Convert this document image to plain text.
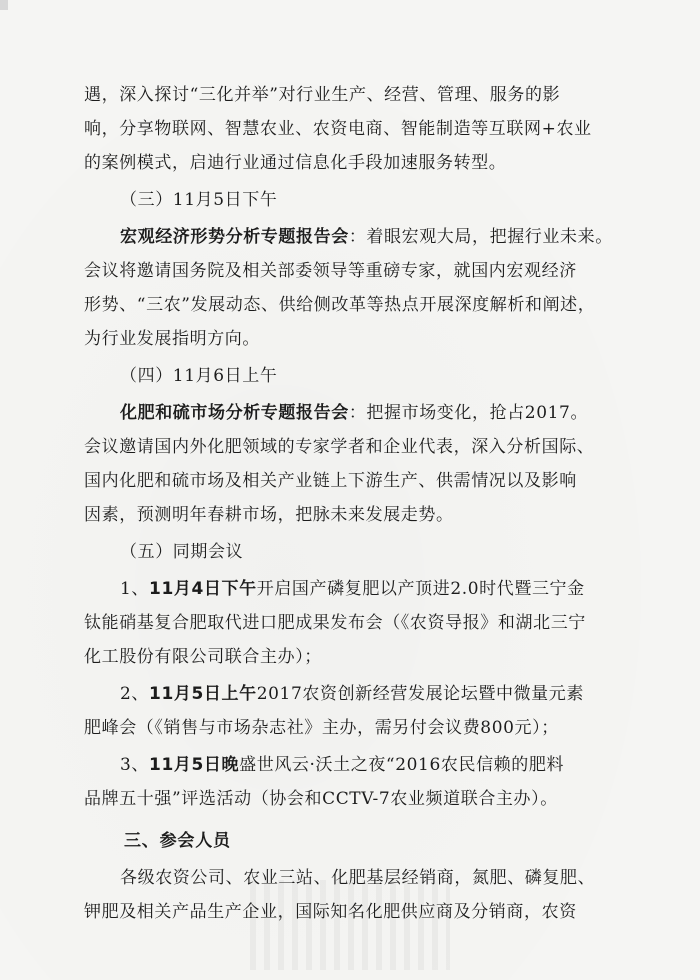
遇，深入探讨“三化并举”对行业生产、经营、管理、服务的影
响，分享物联网、智慧农业、农资电商、智能制造等互联网+农业
的案例模式，启迪行业通过信息化手段加速服务转型。
（三）11月5日下午
宏观经济形势分析专题报告会：着眼宏观大局，把握行业未来。
会议将邀请国务院及相关部委领导等重磅专家，就国内宏观经济
形势、“三农”发展动态、供给侧改革等热点开展深度解析和阐述，
为行业发展指明方向。
（四）11月6日上午
化肥和硫市场分析专题报告会：把握市场变化，抢占2017。
会议邀请国内外化肥领域的专家学者和企业代表，深入分析国际、
国内化肥和硫市场及相关产业链上下游生产、供需情况以及影响
因素，预测明年春耕市场，把脉未来发展走势。
（五）同期会议
1、11月4日下午开启国产磷复肥以产顶进2.0时代暨三宁金
钛能硝基复合肥取代进口肥成果发布会（《农资导报》和湖北三宁
化工股份有限公司联合主办）；
2、11月5日上午2017农资创新经营发展论坛暨中微量元素
肥峰会（《销售与市场杂志社》主办，需另付会议费800元）；
3、11月5日晚盛世风云·沃土之夜“2016农民信赖的肥料
品牌五十强”评选活动（协会和CCTV-7农业频道联合主办）。
三、参会人员
各级农资公司、农业三站、化肥基层经销商，氮肥、磷复肥、
钾肥及相关产品生产企业，国际知名化肥供应商及分销商，农资
